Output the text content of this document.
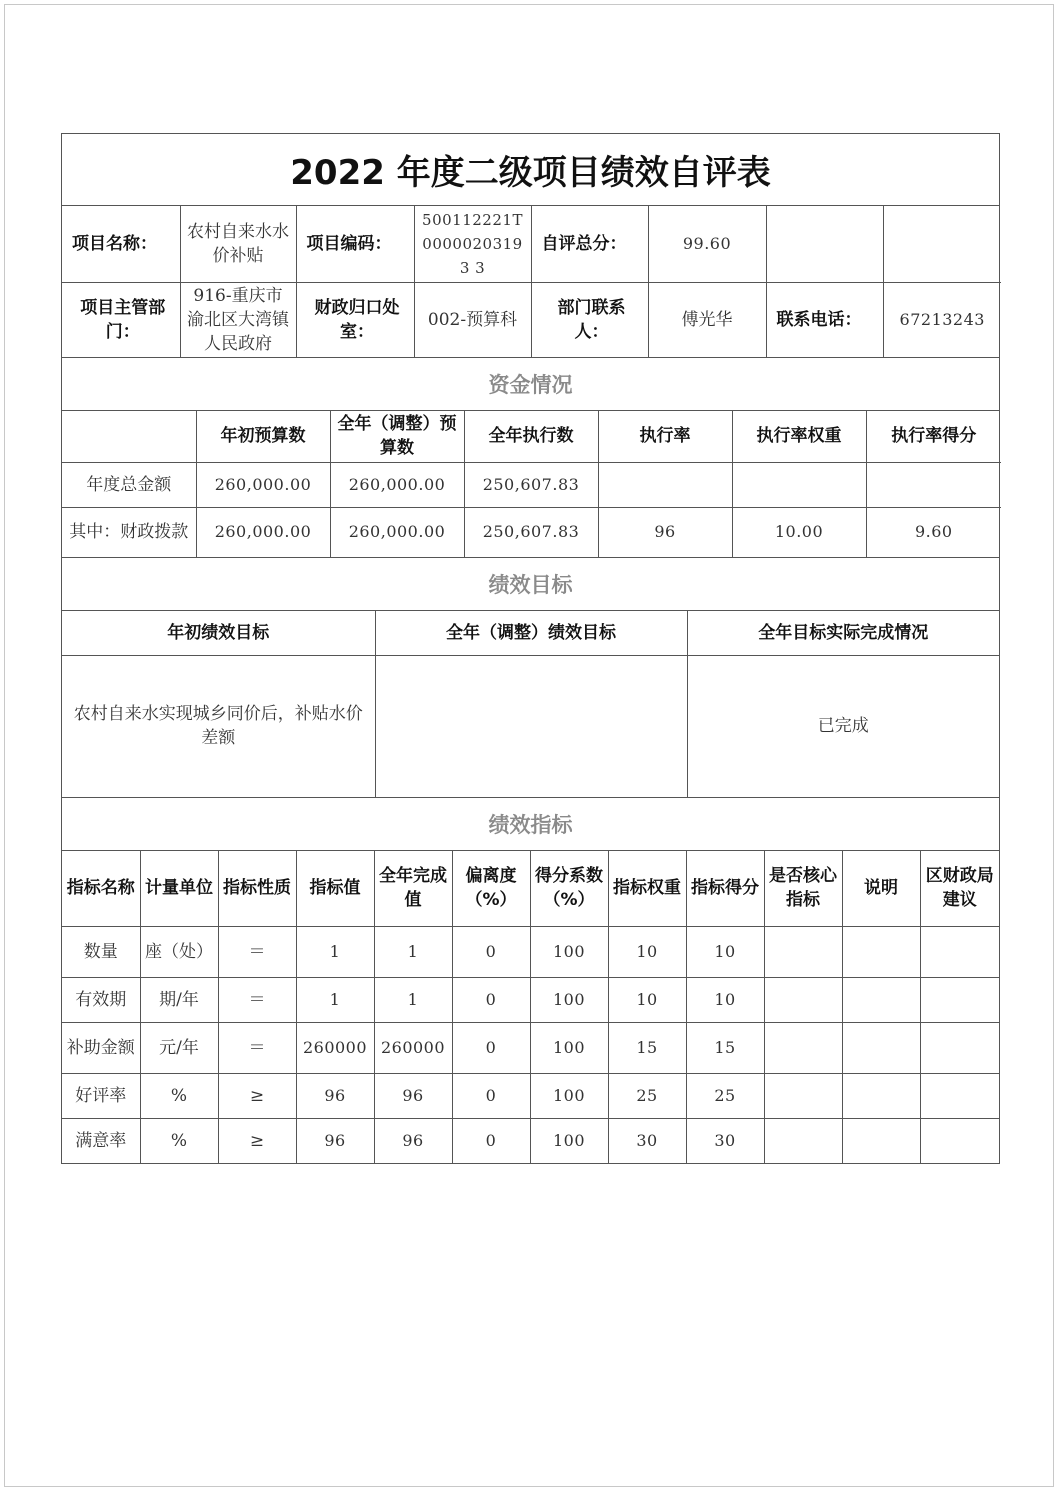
2022 年度二级项目绩效自评表
项目名称：	农村自来水水价补贴	项目编码：	500112221T00000203193 3	自评总分：	99.60		
项目主管部门：	916-重庆市渝北区大湾镇人民政府	财政归口处室：	002-预算科	部门联系人：	傅光华	联系电话：	67213243
资金情况
	年初预算数	全年（调整）预算数	全年执行数	执行率	执行率权重	执行率得分
年度总金额	260,000.00	260,000.00	250,607.83			
其中：财政拨款	260,000.00	260,000.00	250,607.83	96	10.00	9.60
绩效目标
年初绩效目标	全年（调整）绩效目标	全年目标实际完成情况
农村自来水实现城乡同价后，补贴水价差额		已完成
绩效指标
指标名称	计量单位	指标性质	指标值	全年完成值	偏离度（%）	得分系数（%）	指标权重	指标得分	是否核心指标	说明	区财政局建议
数量	座（处）	＝	1	1	0	100	10	10			
有效期	期/年	＝	1	1	0	100	10	10			
补助金额	元/年	＝	260000	260000	0	100	15	15			
好评率	%	≥	96	96	0	100	25	25			
满意率	%	≥	96	96	0	100	30	30			
